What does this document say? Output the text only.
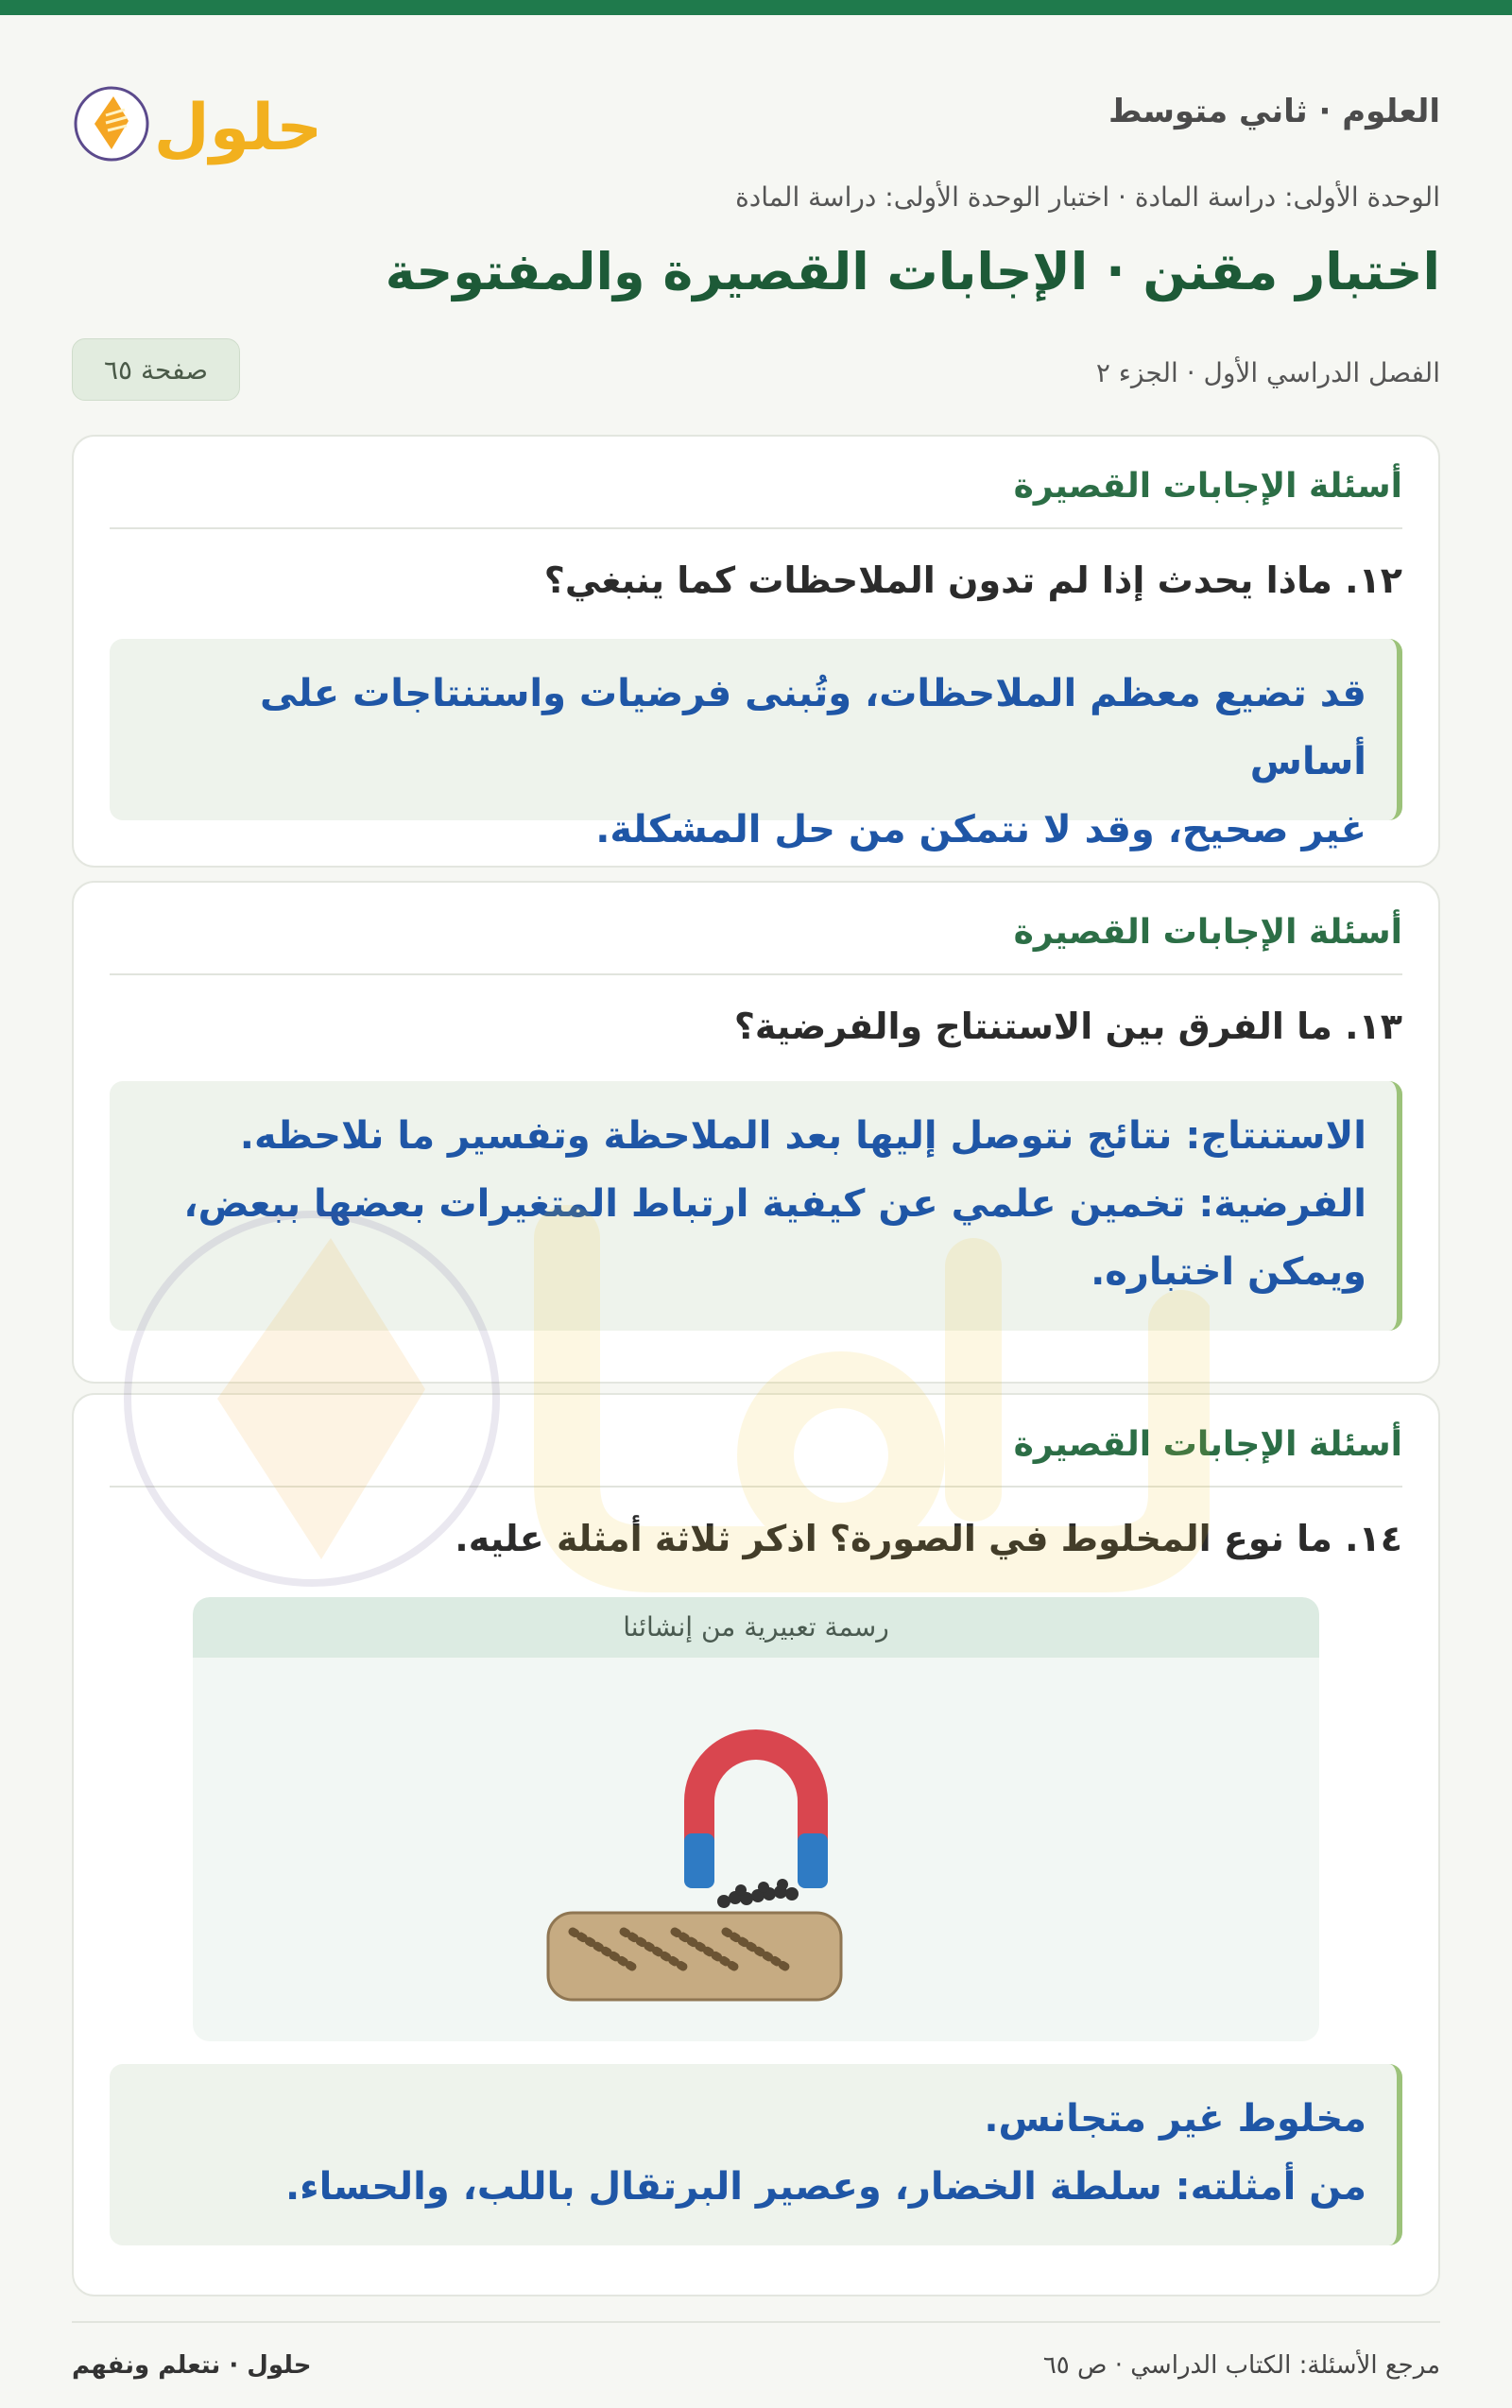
العلوم · ثاني متوسط
حلول
الوحدة الأولى: دراسة المادة · اختبار الوحدة الأولى: دراسة المادة
اختبار مقنن · الإجابات القصيرة والمفتوحة
الفصل الدراسي الأول · الجزء ٢
صفحة ٦٥
أسئلة الإجابات القصيرة
١٢. ماذا يحدث إذا لم تدون الملاحظات كما ينبغي؟
قد تضيع معظم الملاحظات، وتُبنى فرضيات واستنتاجات على أساس
غير صحيح، وقد لا نتمكن من حل المشكلة.
أسئلة الإجابات القصيرة
١٣. ما الفرق بين الاستنتاج والفرضية؟
الاستنتاج: نتائج نتوصل إليها بعد الملاحظة وتفسير ما نلاحظه.
الفرضية: تخمين علمي عن كيفية ارتباط المتغيرات بعضها ببعض،
ويمكن اختباره.
أسئلة الإجابات القصيرة
١٤. ما نوع المخلوط في الصورة؟ اذكر ثلاثة أمثلة عليه.
رسمة تعبيرية من إنشائنا
مخلوط غير متجانس.
من أمثلته: سلطة الخضار، وعصير البرتقال باللب، والحساء.
مرجع الأسئلة: الكتاب الدراسي · ص ٦٥
حلول · نتعلم ونفهم
